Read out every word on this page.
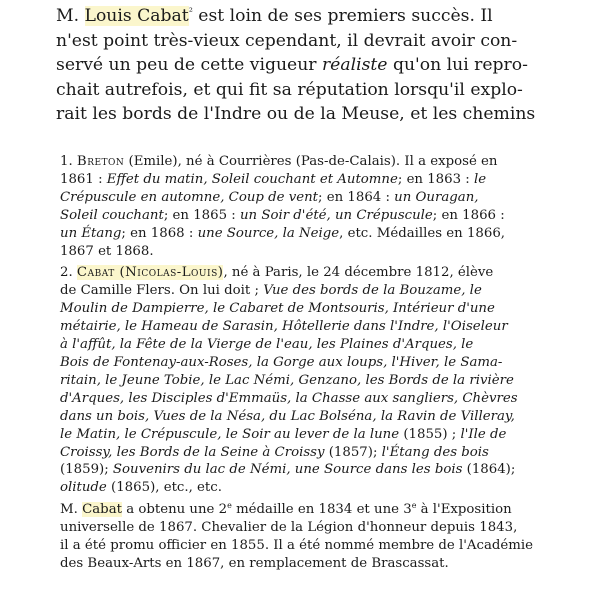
M. Louis Cabat$^{^2}$ est loin de ses premiers succès. Il
n'est point très-vieux cependant, il devrait avoir con-
servé un peu de cette vigueur réaliste qu'on lui repro-
chait autrefois, et qui fit sa réputation lorsqu'il explo-
rait les bords de l'Indre ou de la Meuse, et les chemins
1. Breton (Emile), né à Courrières (Pas-de-Calais). Il a exposé en
1861 : Effet du matin, Soleil couchant et Automne; en 1863 : le
Crépuscule en automne, Coup de vent; en 1864 : un Ouragan,
Soleil couchant; en 1865 : un Soir d'été, un Crépuscule; en 1866 :
un Étang; en 1868 : une Source, la Neige, etc. Médailles en 1866,
1867 et 1868.
2. Cabat (Nicolas-Louis), né à Paris, le 24 décembre 1812, élève
de Camille Flers. On lui doit ; Vue des bords de la Bouzame, le
Moulin de Dampierre, le Cabaret de Montsouris, Intérieur d'une
métairie, le Hameau de Sarasin, Hôtellerie dans l'Indre, l'Oiseleur
à l'affût, la Fête de la Vierge de l'eau, les Plaines d'Arques, le
Bois de Fontenay-aux-Roses, la Gorge aux loups, l'Hiver, le Sama-
ritain, le Jeune Tobie, le Lac Némi, Genzano, les Bords de la rivière
d'Arques, les Disciples d'Emmaüs, la Chasse aux sangliers, Chèvres
dans un bois, Vues de la Nésa, du Lac Bolséna, la Ravin de Villeray,
le Matin, le Crépuscule, le Soir au lever de la lune (1855) ; l'Ile de
Croissy, les Bords de la Seine à Croissy (1857); l'Étang des bois
(1859); Souvenirs du lac de Némi, une Source dans les bois (1864);
olitude (1865), etc., etc.
M. Cabat a obtenu une 2e médaille en 1834 et une 3e à l'Exposition
universelle de 1867. Chevalier de la Légion d'honneur depuis 1843,
il a été promu officier en 1855. Il a été nommé membre de l'Académie
des Beaux-Arts en 1867, en remplacement de Brascassat.
